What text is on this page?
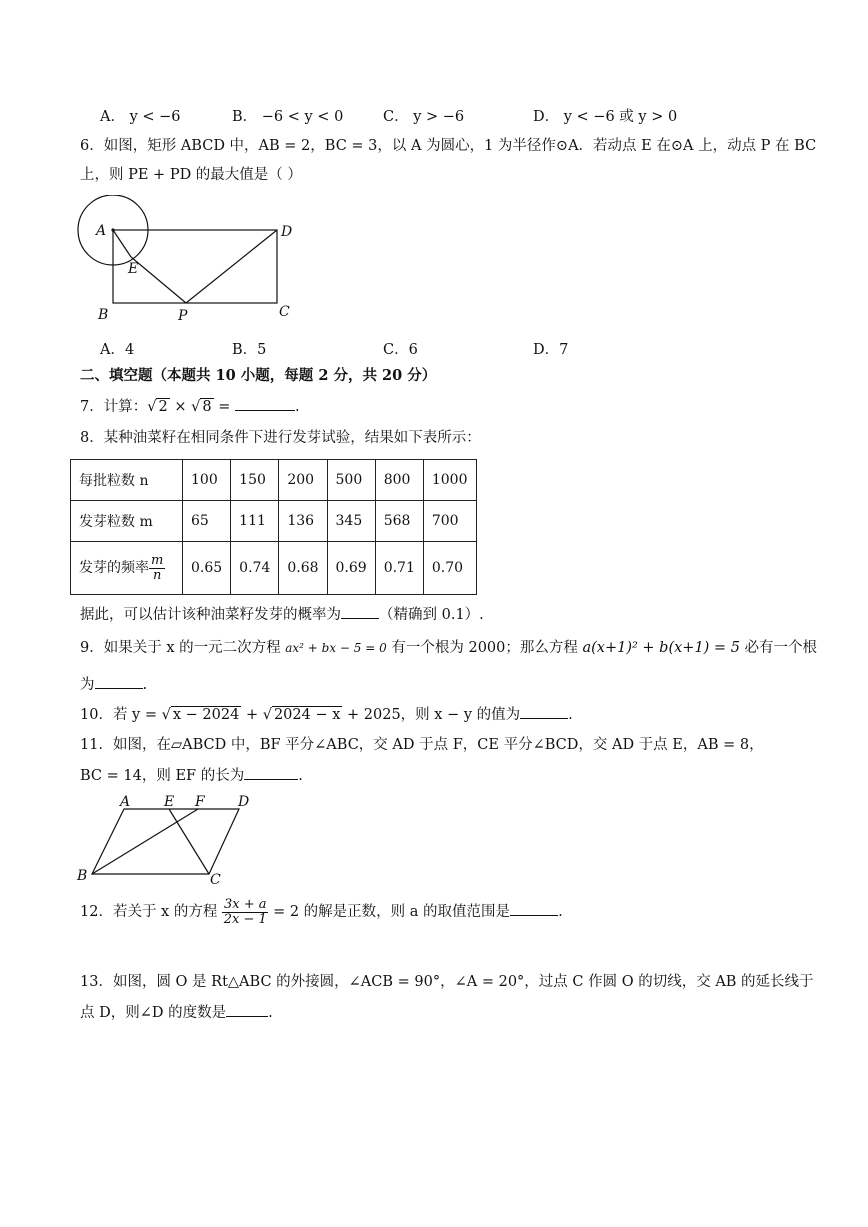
A． y < −6	B． −6 < y < 0	C． y > −6	D． y < −6 或 y > 0
6．如图，矩形 ABCD 中，AB = 2，BC = 3，以 A 为圆心，1 为半径作⊙A．若动点 E 在⊙A 上，动点 P 在 BC
上，则 PE + PD 的最大值是（ ）
A	D
E
B	P	C
A．4	B．5	C．6	D．7
二、填空题（本题共 10 小题，每题 2 分，共 20 分）
7．计算：√ 2 × √ 8 =	.
8．某种油菜籽在相同条件下进行发芽试验，结果如下表所示：
每批粒数 n	100	150	200	500	800	1000
发芽粒数 m	65	111	136	345	568	700
发芽的频率 $\frac{m}{n}$	0.65	0.74	0.68	0.69	0.71	0.70
据此，可以估计该种油菜籽发芽的概率为	（精确到 0.1）.
9．如果关于 x 的一元二次方程 ax² + bx − 5 = 0 有一个根为 2000；那么方程 a(x+1)² + b(x+1) = 5 必有一个根
为	.
10．若 y = √ x − 2024 + √ 2024 − x + 2025，则 x − y 的值为	.
11．如图，在▱ABCD 中，BF 平分∠ABC，交 AD 于点 F，CE 平分∠BCD，交 AD 于点 E，AB = 8，
BC = 14，则 EF 的长为	.
A E F D
B	C
12．若关于 x 的方程 $\frac{3x + a}{2x - 1} = 2$ 的解是正数，则 a 的取值范围是	.
13．如图，圆 O 是 Rt△ABC 的外接圆，∠ACB = 90°，∠A = 20°，过点 C 作圆 O 的切线，交 AB 的延长线于
点 D，则∠D 的度数是	.
